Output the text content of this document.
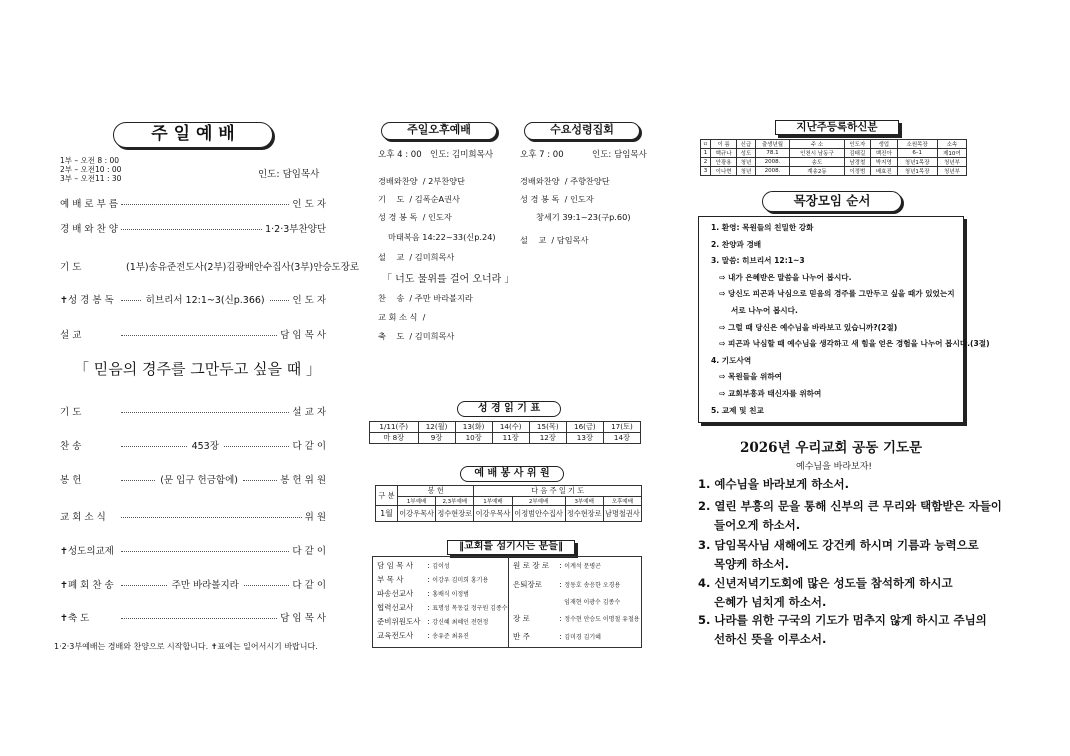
주 일 예 배
1부 – 오전 8 : 00
2부 – 오전10 : 00
3부 – 오전11 : 30	인도: 담임목사
예 배 로 부 름	인 도 자
경 배 와 찬 양	1·2·3부찬양단
기 도	(1부)송유준전도사(2부)김광배안수집사(3부)안승도장로
✝성 경 봉 독	히브리서 12:1~3(신p.366)	인 도 자
설 교	담 임 목 사
기 도	설 교 자
찬 송	453장	다 같 이
봉 헌	(문 입구 헌금함에)	봉 헌 위 원
교 회 소 식	위 원
✝성도의교제	다 같 이
✝폐 회 찬 송	주만 바라볼지라	다 같 이
✝축 도	담 임 목 사
「 믿음의 경주를 그만두고 싶을 때 」
1·2·3부예배는 경배와 찬양으로 시작합니다. ✝표에는 일어서시기 바랍니다.
주일오후예배	수요성령집회
오후 4 : 00 인도: 김미희목사	오후 7 : 00	인도: 담임목사
경배와찬양  / 2부찬양단
기    도  / 김폭순A권사
성 경 봉 독  / 인도자
마태복음 14:22~33(신p.24)
설    교  / 김미희목사
「 너도 물위를 걸어 오너라 」
찬    송  / 주만 바라볼지라
교 회 소 식  /
축    도  / 김미희목사
경배와찬양  / 주향찬양단
성 경 봉 독  / 인도자
창세기 39:1~23(구p.60)
설    교  / 담임목사
성 경 읽 기 표
1/11(주)	12(월)	13(화)	14(수)	15(목)	16(금)	17(토)
마 8장	9장	10장	11장	12장	13장	14장
예 배 봉 사 위 원
구 분	봉 헌		다 음 주 일 기 도			
	1부예배	2,3부예배	1부예배	2부예배	3부예배	오후예배
1월	이강우목사	정수현장로	이강우목사	이정범안수집사	정수현장로	남명철권사
‖교회를 섬기시는 분들‖
담 임 목 사 : 김이성
부 목 사	: 이강우 김미희 홍기용
파송선교사 : 홍배식 이정범
협력선교사 : 표명성 목동길 정구원 김종수
준비위원도사 : 강신혜 최혜인 전현정
교육전도사 : 송유준 최유진
원 로 장 로 : 이계석 문병곤
은퇴장로 : 정동호 송응한 오경용
임재현 이광수 김종수
장 로	: 정수현 안승도 이명철 유철용
반 주	: 김미경 김기혜
지난주등록하신분
ㅁ	이 름	신급	출생년월	주 소	인도자	생업	소원목장	소속
1	백규나	성도	78.1	인천시 남동구	김태길	백진아	6–1	제10여
2	안광용	청년	2008.	송도	남경철	박지영	청년1목장	청년부
3	이나현	청년	2008.	계송2동	이정범	배효진	청년1목장	청년부
목장모임 순서
1. 환영: 목원들의 친밀한 강화
2. 찬양과 경배
3. 말씀: 히브리서 12:1~3
⇨ 내가 은혜받은 말씀을 나누어 봅시다.
⇨ 당신도 피곤과 낙심으로 믿음의 경주를 그만두고 싶을 때가 있었는지
서로 나누어 봅시다.
⇨ 그럴 때 당신은 예수님을 바라보고 있습니까?(2절)
⇨ 피곤과 낙심할 때 예수님을 생각하고 새 힘을 얻은 경험을 나누어 봅시다.(3절)
4. 기도사역
⇨ 목원들을 위하여
⇨ 교회부흥과 태신자를 위하여
5. 교제 및 친교
2026년 우리교회 공동 기도문
예수님을 바라보자!
1. 예수님을 바라보게 하소서.
2. 열린 부흥의 문을 통해 신부의 큰 무리와 택함받은 자들이
들어오게 하소서.
3. 담임목사님 새해에도 강건케 하시며 기름과 능력으로
목양케 하소서.
4. 신년저녁기도회에 많은 성도들 참석하게 하시고
은혜가 넘치게 하소서.
5. 나라를 위한 구국의 기도가 멈추지 않게 하시고 주님의
선하신 뜻을 이루소서.
